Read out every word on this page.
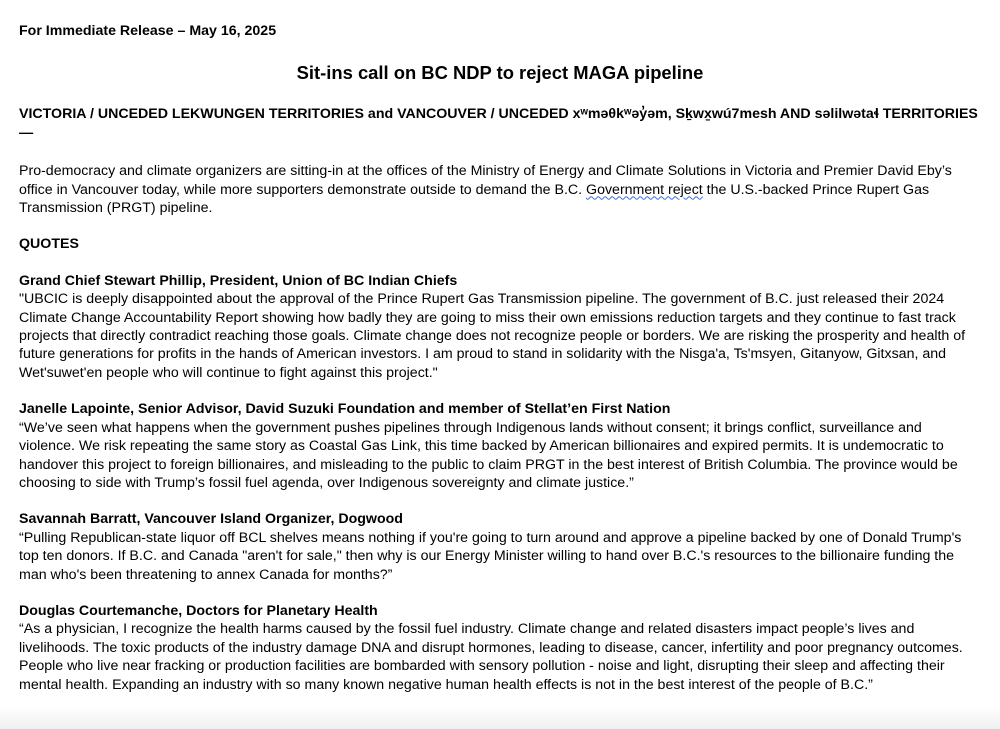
For Immediate Release – May 16, 2025

Sit-ins call on BC NDP to reject MAGA pipeline

VICTORIA / UNCEDED LEKWUNGEN TERRITORIES and VANCOUVER / UNCEDED xʷməθkʷəy̓əm, Sḵwx̱wú7mesh AND səlilwətaɬ TERRITORIES
—

Pro-democracy and climate organizers are sitting-in at the offices of the Ministry of Energy and Climate Solutions in Victoria and Premier David Eby’s office in Vancouver today, while more supporters demonstrate outside to demand the B.C. Government reject the U.S.-backed Prince Rupert Gas Transmission (PRGT) pipeline.

QUOTES

Grand Chief Stewart Phillip, President, Union of BC Indian Chiefs
"UBCIC is deeply disappointed about the approval of the Prince Rupert Gas Transmission pipeline. The government of B.C. just released their 2024 Climate Change Accountability Report showing how badly they are going to miss their own emissions reduction targets and they continue to fast track projects that directly contradict reaching those goals. Climate change does not recognize people or borders. We are risking the prosperity and health of future generations for profits in the hands of American investors. I am proud to stand in solidarity with the Nisga'a, Ts'msyen, Gitanyow, Gitxsan, and Wet'suwet'en people who will continue to fight against this project."
Janelle Lapointe, Senior Advisor, David Suzuki Foundation and member of Stellat’en First Nation
“We’ve seen what happens when the government pushes pipelines through Indigenous lands without consent; it brings conflict, surveillance and violence. We risk repeating the same story as Coastal Gas Link, this time backed by American billionaires and expired permits. It is undemocratic to handover this project to foreign billionaires, and misleading to the public to claim PRGT in the best interest of British Columbia. The province would be choosing to side with Trump’s fossil fuel agenda, over Indigenous sovereignty and climate justice.”
Savannah Barratt, Vancouver Island Organizer, Dogwood
“Pulling Republican-state liquor off BCL shelves means nothing if you're going to turn around and approve a pipeline backed by one of Donald Trump's top ten donors. If B.C. and Canada "aren't for sale," then why is our Energy Minister willing to hand over B.C.'s resources to the billionaire funding the man who's been threatening to annex Canada for months?”
Douglas Courtemanche, Doctors for Planetary Health
“As a physician, I recognize the health harms caused by the fossil fuel industry. Climate change and related disasters impact people’s lives and livelihoods. The toxic products of the industry damage DNA and disrupt hormones, leading to disease, cancer, infertility and poor pregnancy outcomes. People who live near fracking or production facilities are bombarded with sensory pollution - noise and light, disrupting their sleep and affecting their mental health. Expanding an industry with so many known negative human health effects is not in the best interest of the people of B.C.”
